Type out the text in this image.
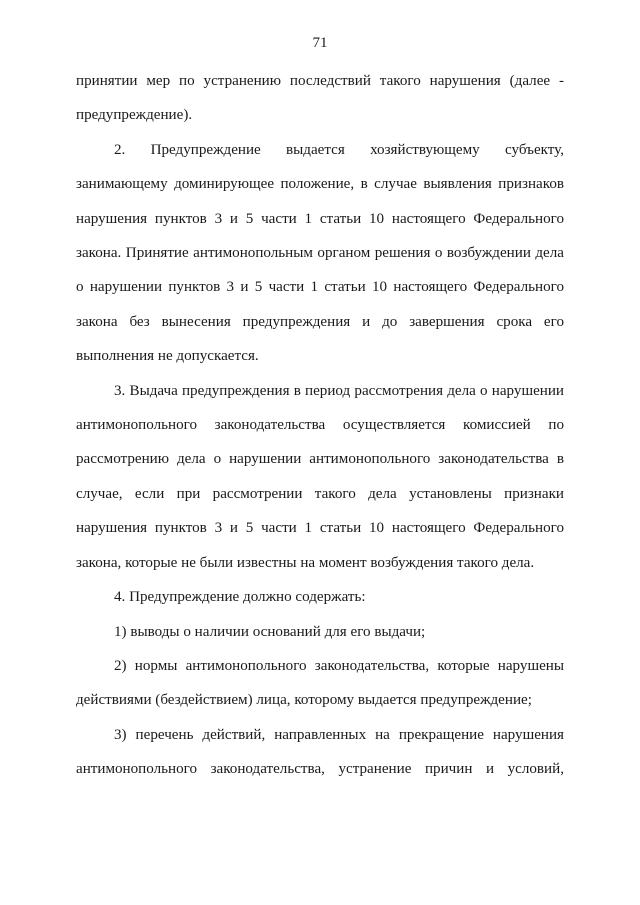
71
принятии мер по устранению последствий такого нарушения (далее -
предупреждение).
2. Предупреждение выдается хозяйствующему субъекту,
занимающему доминирующее положение, в случае выявления признаков
нарушения пунктов 3 и 5 части 1 статьи 10 настоящего Федерального
закона. Принятие антимонопольным органом решения о возбуждении дела
о нарушении пунктов 3 и 5 части 1 статьи 10 настоящего Федерального
закона без вынесения предупреждения и до завершения срока его
выполнения не допускается.
3. Выдача предупреждения в период рассмотрения дела о нарушении
антимонопольного законодательства осуществляется комиссией по
рассмотрению дела о нарушении антимонопольного законодательства в
случае, если при рассмотрении такого дела установлены признаки
нарушения пунктов 3 и 5 части 1 статьи 10 настоящего Федерального
закона, которые не были известны на момент возбуждения такого дела.
4. Предупреждение должно содержать:
1) выводы о наличии оснований для его выдачи;
2) нормы антимонопольного законодательства, которые нарушены
действиями (бездействием) лица, которому выдается предупреждение;
3) перечень действий, направленных на прекращение нарушения
антимонопольного законодательства, устранение причин и условий,
